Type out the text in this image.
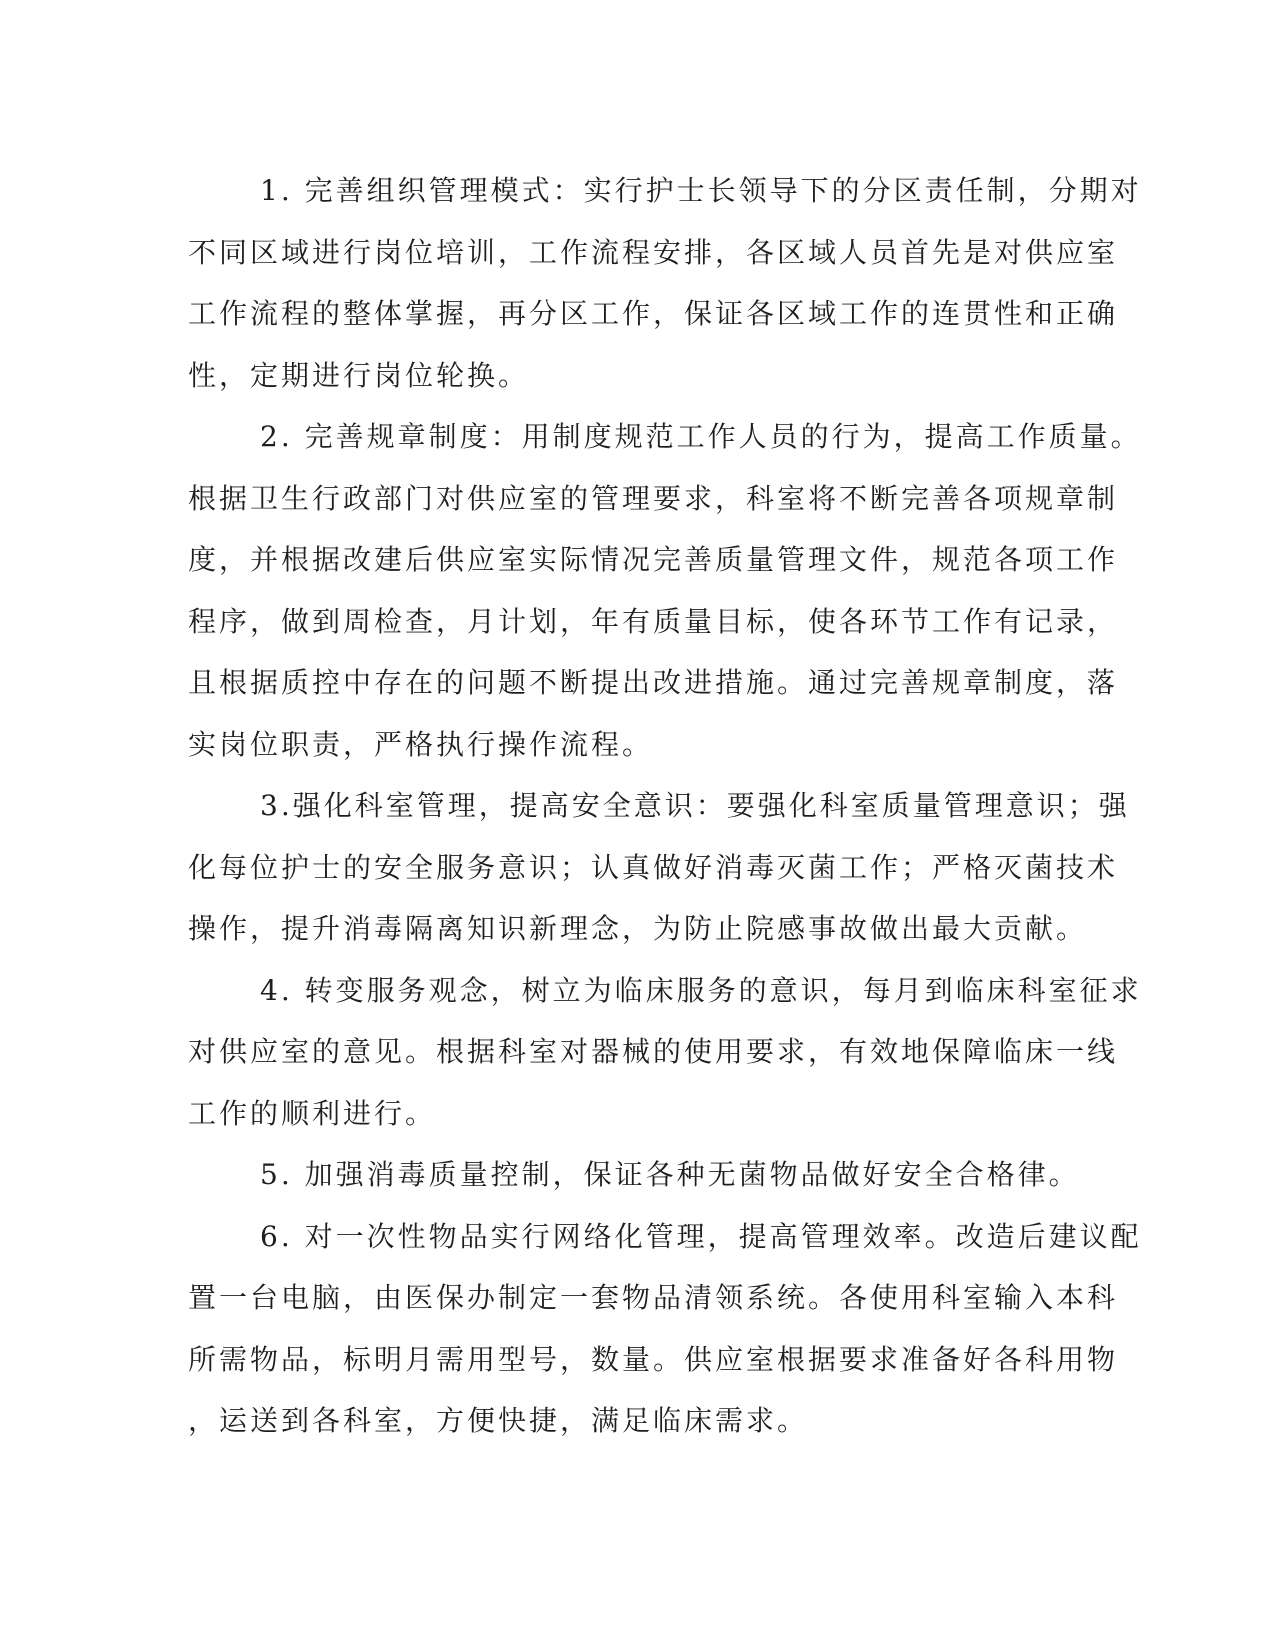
1. 完善组织管理模式：实行护士长领导下的分区责任制，分期对
不同区域进行岗位培训，工作流程安排，各区域人员首先是对供应室
工作流程的整体掌握，再分区工作，保证各区域工作的连贯性和正确
性，定期进行岗位轮换。
2. 完善规章制度：用制度规范工作人员的行为，提高工作质量。
根据卫生行政部门对供应室的管理要求，科室将不断完善各项规章制
度，并根据改建后供应室实际情况完善质量管理文件，规范各项工作
程序，做到周检查，月计划，年有质量目标，使各环节工作有记录，
且根据质控中存在的问题不断提出改进措施。通过完善规章制度，落
实岗位职责，严格执行操作流程。
3.强化科室管理，提高安全意识：要强化科室质量管理意识；强
化每位护士的安全服务意识；认真做好消毒灭菌工作；严格灭菌技术
操作，提升消毒隔离知识新理念，为防止院感事故做出最大贡献。
4. 转变服务观念，树立为临床服务的意识，每月到临床科室征求
对供应室的意见。根据科室对器械的使用要求，有效地保障临床一线
工作的顺利进行。
5. 加强消毒质量控制，保证各种无菌物品做好安全合格律。
6. 对一次性物品实行网络化管理，提高管理效率。改造后建议配
置一台电脑，由医保办制定一套物品清领系统。各使用科室输入本科
所需物品，标明月需用型号，数量。供应室根据要求准备好各科用物
，运送到各科室，方便快捷，满足临床需求。
